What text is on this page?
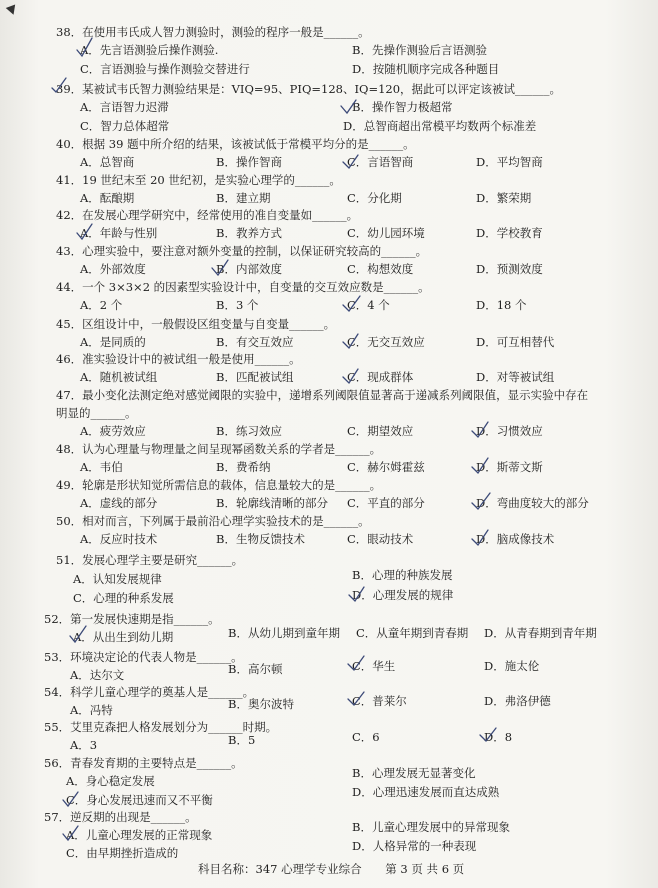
38．在使用韦氏成人智力测验时，测验的程序一般是______。
A．先言语测验后操作测验.	B．先操作测验后言语测验
C．言语测验与操作测验交替进行	D．按随机顺序完成各种题目
39．某被试韦氏智力测验结果是：VIQ=95、PIQ=128、IQ=120，据此可以评定该被试______。
A．言语智力迟滞	B．操作智力极超常
C．智力总体超常	D．总智商超出常模平均数两个标准差
40．根据 39 题中所介绍的结果，该被试低于常模平均分的是______。
A．总智商	B．操作智商	C．言语智商	D．平均智商
41．19 世纪末至 20 世纪初，是实验心理学的______。
A．酝酿期	B．建立期	C．分化期	D．繁荣期
42．在发展心理学研究中，经常使用的准自变量如______。
A．年龄与性别	B．教养方式	C．幼儿园环境	D．学校教育
43．心理实验中，要注意对额外变量的控制，以保证研究较高的______。
A．外部效度	B．内部效度	C．构想效度	D．预测效度
44．一个 3×3×2 的因素型实验设计中，自变量的交互效应数是______。
A．2 个	B．3 个	C．4 个	D．18 个
45．区组设计中，一般假设区组变量与自变量______。
A．是同质的	B．有交互效应	C．无交互效应	D．可互相替代
46．准实验设计中的被试组一般是使用______。
A．随机被试组	B．匹配被试组	C．现成群体	D．对等被试组
47．最小变化法测定绝对感觉阈限的实验中，递增系列阈限值显著高于递减系列阈限值，显示实验中存在
明显的______。
A．疲劳效应	B．练习效应	C．期望效应	D．习惯效应
48．认为心理量与物理量之间呈现幂函数关系的学者是______。
A．韦伯	B．费希纳	C．赫尔姆霍兹	D．斯蒂文斯
49．轮廓是形状知觉所需信息的载体，信息量较大的是______。
A．虚线的部分	B．轮廓线清晰的部分 C．平直的部分	D．弯曲度较大的部分
50．相对而言，下列属于最前沿心理学实验技术的是______。
A．反应时技术	B．生物反馈技术	C．眼动技术	D．脑成像技术
51．发展心理学主要是研究______。
A．认知发展规律	B．心理的种族发展
C．心理的种系发展	D．心理发展的规律
52．第一发展快速期是指______。
A．从出生到幼儿期	B．从幼儿期到童年期 C．从童年期到青春期 D．从青春期到青年期
53．环境决定论的代表人物是______。
A．达尔文	B．高尔顿	C．华生	D．施太伦
54．科学儿童心理学的奠基人是______。
A．冯特	B．奥尔波特	C．普莱尔	D．弗洛伊德
55．艾里克森把人格发展划分为______时期。
A．3	B．5	C．6	D．8
56．青春发育期的主要特点是______。
A．身心稳定发展
B．心理发展无显著变化
C．身心发展迅速而又不平衡
D．心理迅速发展而直达成熟
57．逆反期的出现是______。
A．儿童心理发展的正常现象
B．儿童心理发展中的异常现象
C．由早期挫折造成的	D．人格异常的一种表现
科目名称：347 心理学专业综合 第 3 页 共 6 页
